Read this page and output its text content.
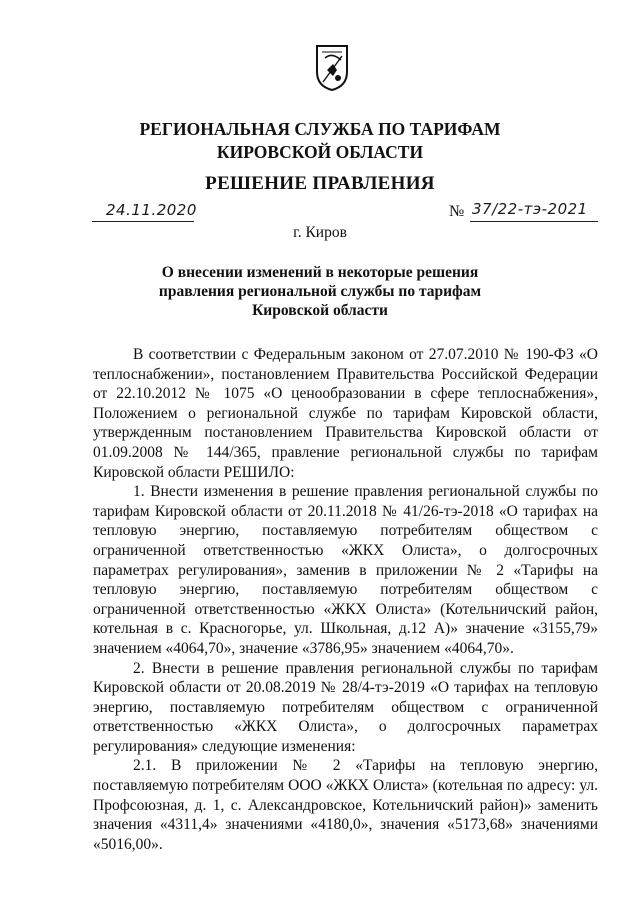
РЕГИОНАЛЬНАЯ СЛУЖБА ПО ТАРИФАМ
КИРОВСКОЙ ОБЛАСТИ
РЕШЕНИЕ ПРАВЛЕНИЯ
24.11.2020	№ 37/22-тэ-2021
г. Киров
О внесении изменений в некоторые решения
правления региональной службы по тарифам
Кировской области

В соответствии с Федеральным законом от 27.07.2010 № 190-ФЗ «О теплоснабжении», постановлением Правительства Российской Федерации от 22.10.2012 № 1075 «О ценообразовании в сфере теплоснабжения», Положением о региональной службе по тарифам Кировской области, утвержденным постановлением Правительства Кировской области от 01.09.2008 № 144/365, правление региональной службы по тарифам Кировской области РЕШИЛО:

1. Внести изменения в решение правления региональной службы по тарифам Кировской области от 20.11.2018 № 41/26-тэ-2018 «О тарифах на тепловую энергию, поставляемую потребителям обществом с ограниченной ответственностью «ЖКХ Олиста», о долгосрочных параметрах регулирования», заменив в приложении № 2 «Тарифы на тепловую энергию, поставляемую потребителям обществом с ограниченной ответственностью «ЖКХ Олиста» (Котельничский район, котельная в с. Красногорье, ул. Школьная, д.12 А)» значение «3155,79» значением «4064,70», значение «3786,95» значением «4064,70».

2. Внести в решение правления региональной службы по тарифам Кировской области от 20.08.2019 № 28/4-тэ-2019 «О тарифах на тепловую энергию, поставляемую потребителям обществом с ограниченной ответственностью «ЖКХ Олиста», о долгосрочных параметрах регулирования» следующие изменения:

2.1. В приложении № 2 «Тарифы на тепловую энергию, поставляемую потребителям ООО «ЖКХ Олиста» (котельная по адресу: ул. Профсоюзная, д. 1, с. Александровское, Котельничский район)» заменить значения «4311,4» значениями «4180,0», значения «5173,68» значениями «5016,00».
